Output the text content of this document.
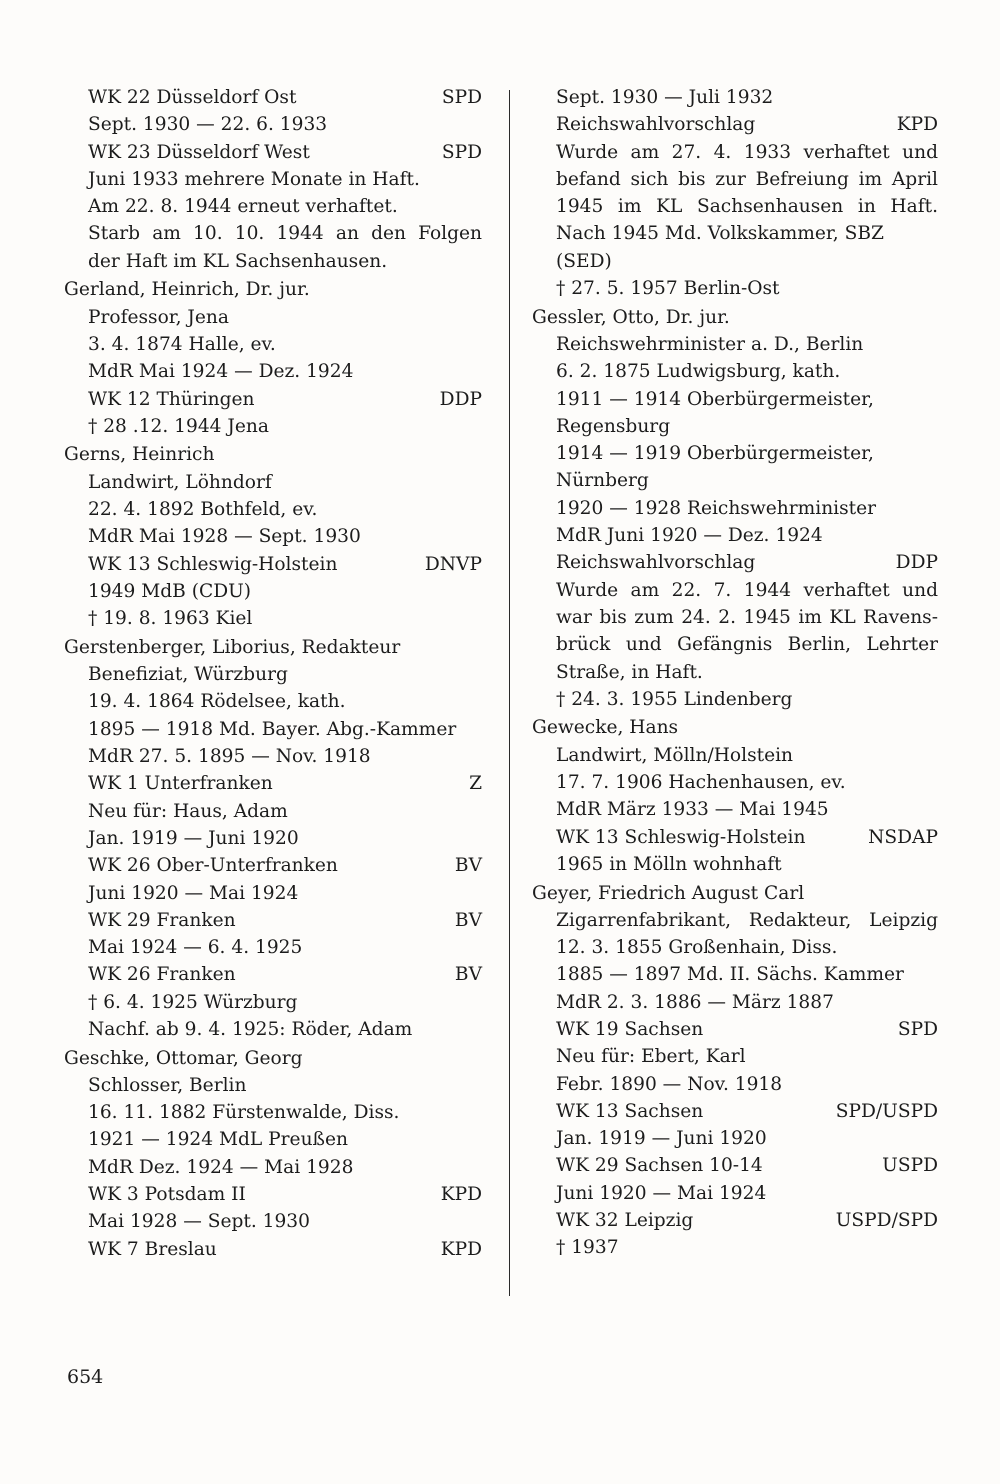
WK 22 Düsseldorf Ost	SPD
Sept. 1930 — 22. 6. 1933
WK 23 Düsseldorf West	SPD
Juni 1933 mehrere Monate in Haft.
Am 22. 8. 1944 erneut verhaftet.
Starb am 10. 10. 1944 an den Folgen
der Haft im KL Sachsenhausen.
Gerland, Heinrich, Dr. jur.
Professor, Jena
3. 4. 1874 Halle, ev.
MdR Mai 1924 — Dez. 1924
WK 12 Thüringen	DDP
† 28 .12. 1944 Jena
Gerns, Heinrich
Landwirt, Löhndorf
22. 4. 1892 Bothfeld, ev.
MdR Mai 1928 — Sept. 1930
WK 13 Schleswig-Holstein	DNVP
1949 MdB (CDU)
† 19. 8. 1963 Kiel
Gerstenberger, Liborius, Redakteur
Benefiziat, Würzburg
19. 4. 1864 Rödelsee, kath.
1895 — 1918 Md. Bayer. Abg.-Kammer
MdR 27. 5. 1895 — Nov. 1918
WK 1 Unterfranken	Z
Neu für: Haus, Adam
Jan. 1919 — Juni 1920
WK 26 Ober-Unterfranken	BV
Juni 1920 — Mai 1924
WK 29 Franken	BV
Mai 1924 — 6. 4. 1925
WK 26 Franken	BV
† 6. 4. 1925 Würzburg
Nachf. ab 9. 4. 1925: Röder, Adam
Geschke, Ottomar, Georg
Schlosser, Berlin
16. 11. 1882 Fürstenwalde, Diss.
1921 — 1924 MdL Preußen
MdR Dez. 1924 — Mai 1928
WK 3 Potsdam II	KPD
Mai 1928 — Sept. 1930
WK 7 Breslau	KPD
Sept. 1930 — Juli 1932
Reichswahlvorschlag	KPD
Wurde am 27. 4. 1933 verhaftet und
befand sich bis zur Befreiung im April
1945 im KL Sachsenhausen in Haft.
Nach 1945 Md. Volkskammer, SBZ
(SED)
† 27. 5. 1957 Berlin-Ost
Gessler, Otto, Dr. jur.
Reichswehrminister a. D., Berlin
6. 2. 1875 Ludwigsburg, kath.
1911 — 1914 Oberbürgermeister,
Regensburg
1914 — 1919 Oberbürgermeister,
Nürnberg
1920 — 1928 Reichswehrminister
MdR Juni 1920 — Dez. 1924
Reichswahlvorschlag	DDP
Wurde am 22. 7. 1944 verhaftet und
war bis zum 24. 2. 1945 im KL Ravens-
brück und Gefängnis Berlin, Lehrter
Straße, in Haft.
† 24. 3. 1955 Lindenberg
Gewecke, Hans
Landwirt, Mölln/Holstein
17. 7. 1906 Hachenhausen, ev.
MdR März 1933 — Mai 1945
WK 13 Schleswig-Holstein	NSDAP
1965 in Mölln wohnhaft
Geyer, Friedrich August Carl
Zigarrenfabrikant, Redakteur, Leipzig
12. 3. 1855 Großenhain, Diss.
1885 — 1897 Md. II. Sächs. Kammer
MdR 2. 3. 1886 — März 1887
WK 19 Sachsen	SPD
Neu für: Ebert, Karl
Febr. 1890 — Nov. 1918
WK 13 Sachsen	SPD/USPD
Jan. 1919 — Juni 1920
WK 29 Sachsen 10-14	USPD
Juni 1920 — Mai 1924
WK 32 Leipzig	USPD/SPD
† 1937
654
